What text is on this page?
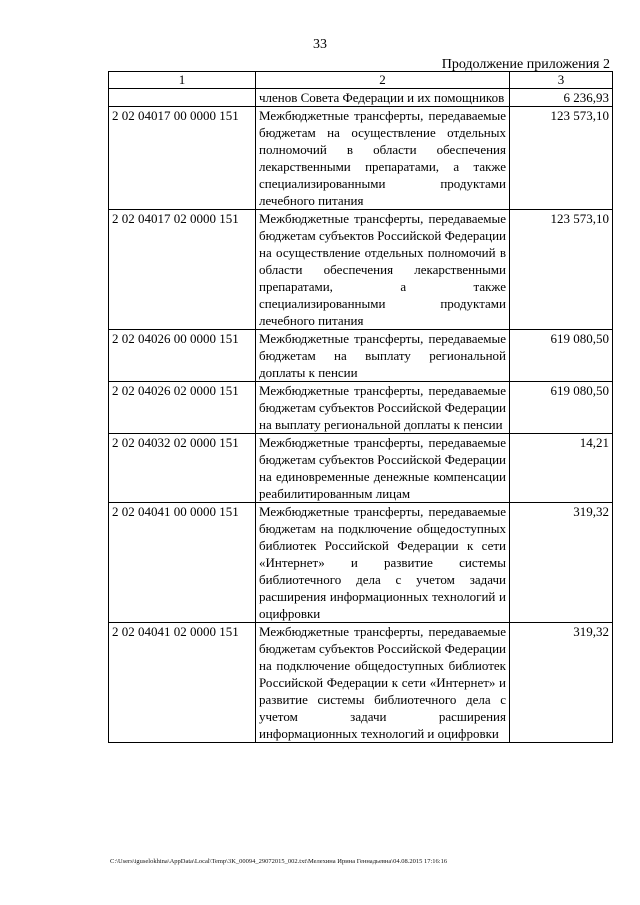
33
Продолжение приложения 2
1	2	3
	членов Совета Федерации и их помощников	6 236,93
2 02 04017 00 0000 151	Межбюджетные трансферты, передаваемые бюджетам на осуществление отдельных полномочий в области обеспечения лекарственными препаратами, а также специализированными продуктами лечебного питания	123 573,10
2 02 04017 02 0000 151	Межбюджетные трансферты, передаваемые бюджетам субъектов Российской Федерации на осуществление отдельных полномочий в области обеспечения лекарственными препаратами, а также специализированными продуктами лечебного питания	123 573,10
2 02 04026 00 0000 151	Межбюджетные трансферты, передаваемые бюджетам на выплату региональной доплаты к пенсии	619 080,50
2 02 04026 02 0000 151	Межбюджетные трансферты, передаваемые бюджетам субъектов Российской Федерации на выплату региональной доплаты к пенсии	619 080,50
2 02 04032 02 0000 151	Межбюджетные трансферты, передаваемые бюджетам субъектов Российской Федерации на единовременные денежные компенсации реабилитированным лицам	14,21
2 02 04041 00 0000 151	Межбюджетные трансферты, передаваемые бюджетам на подключение общедоступных библиотек Российской Федерации к сети «Интернет» и развитие системы библиотечного дела с учетом задачи расширения информационных технологий и оцифровки	319,32
2 02 04041 02 0000 151	Межбюджетные трансферты, передаваемые бюджетам субъектов Российской Федерации на подключение общедоступных библиотек Российской Федерации к сети «Интернет» и развитие системы библиотечного дела с учетом задачи расширения информационных технологий и оцифровки	319,32
C:\Users\iguselokhina\AppData\Local\Temp\3K_00094_29072015_002.txt\Мелехина Ирина Геннадьевна\04.08.2015 17:16:16
